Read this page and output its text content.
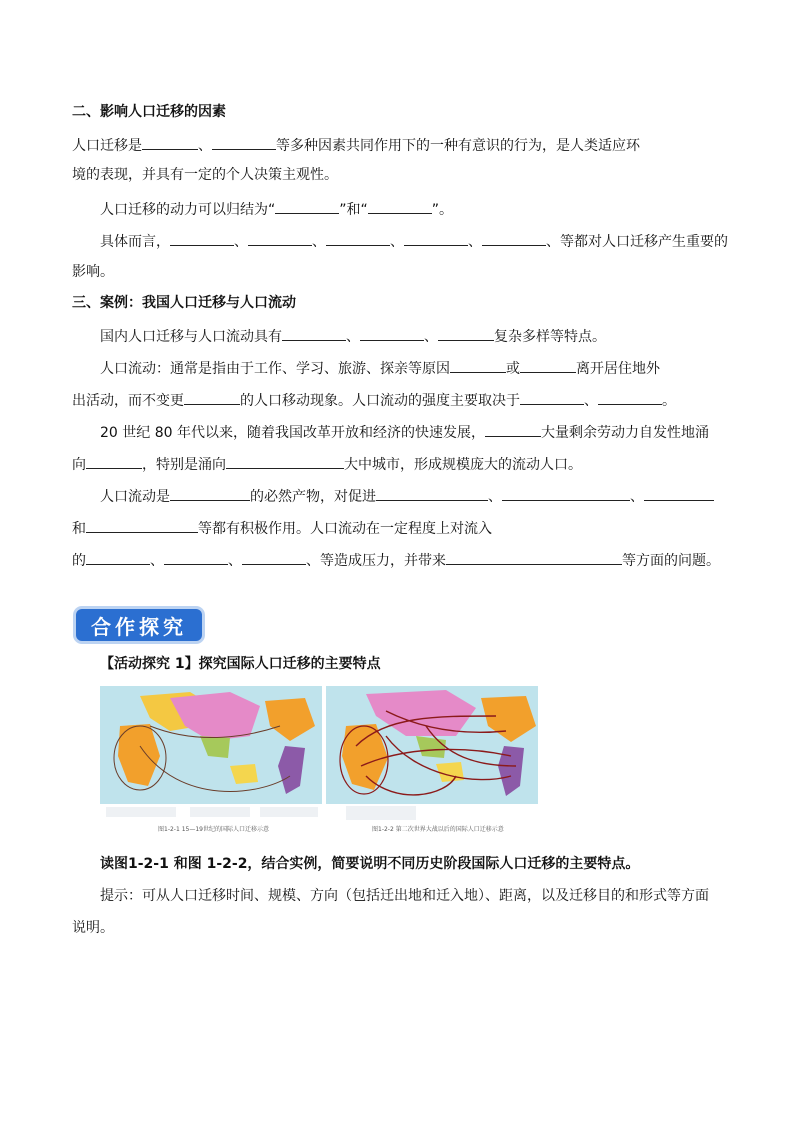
二、影响人口迁移的因素
人口迁移是	、	等多种因素共同作用下的一种有意识的行为，是人类适应环
境的表现，并具有一定的个人决策主观性。
人口迁移的动力可以归结为“	”和“	”。
具体而言，	、	、	、	、	、等都对人口迁移产生重要的
影响。
三、案例：我国人口迁移与人口流动
国内人口迁移与人口流动具有	、	、	复杂多样等特点。
人口流动：通常是指由于工作、学习、旅游、探亲等原因	或	离开居住地外
出活动，而不变更	的人口移动现象。人口流动的强度主要取决于	、	。
20 世纪 80 年代以来，随着我国改革开放和经济的快速发展，	大量剩余劳动力自发性地涌
向	，特别是涌向	大中城市，形成规模庞大的流动人口。
人口流动是	的必然产物，对促进	、	、
和	等都有积极作用。人口流动在一定程度上对流入
的	、	、	、等造成压力，并带来	等方面的问题。
合作探究
【活动探究 1】探究国际人口迁移的主要特点
图1-2-1 15—19世纪的国际人口迁移示意	图1-2-2 第二次世界大战以后的国际人口迁移示意
读图1-2-1 和图 1-2-2，结合实例，简要说明不同历史阶段国际人口迁移的主要特点。
提示：可从人口迁移时间、规模、方向（包括迁出地和迁入地）、距离，以及迁移目的和形式等方面
说明。
